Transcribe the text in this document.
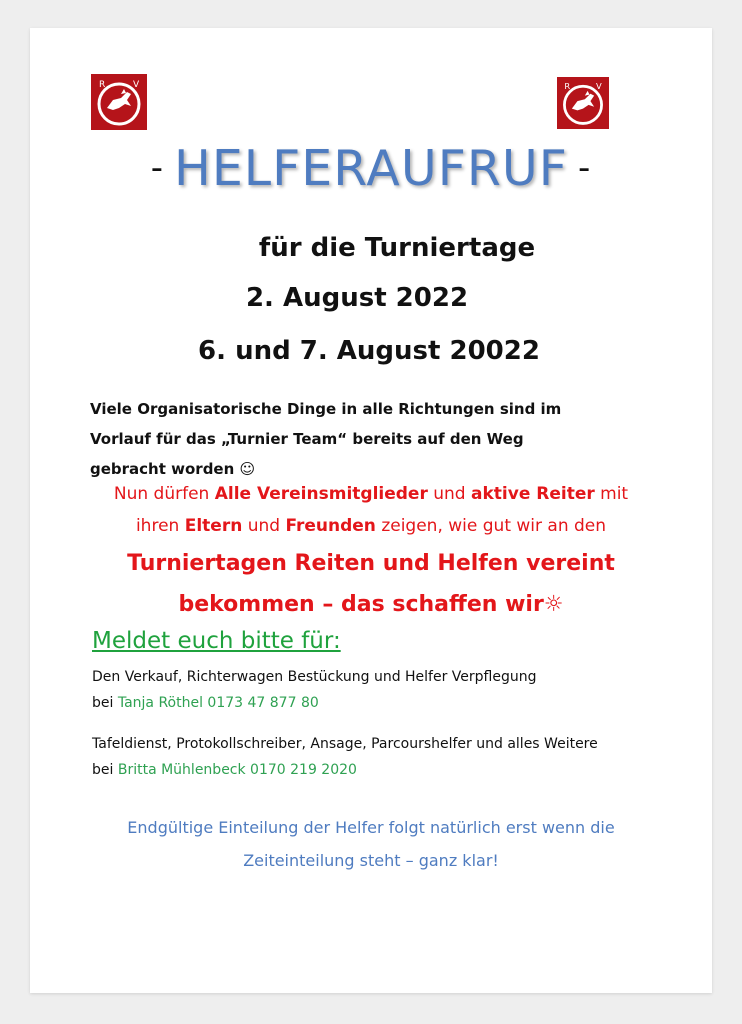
R	V	R	V
- HELFERAUFRUF -
für die Turniertage
2. August 2022
6. und 7. August 20022
Viele Organisatorische Dinge in alle Richtungen sind im
Vorlauf für das „Turnier Team“ bereits auf den Weg
gebracht worden ☺
Nun dürfen Alle Vereinsmitglieder und aktive Reiter mit
ihren Eltern und Freunden zeigen, wie gut wir an den
Turniertagen Reiten und Helfen vereint
bekommen – das schaffen wir☼
Meldet euch bitte für:
Den Verkauf, Richterwagen Bestückung und Helfer Verpflegung
bei Tanja Röthel 0173 47 877 80
Tafeldienst, Protokollschreiber, Ansage, Parcourshelfer und alles Weitere
bei Britta Mühlenbeck 0170 219 2020
Endgültige Einteilung der Helfer folgt natürlich erst wenn die
Zeiteinteilung steht – ganz klar!
